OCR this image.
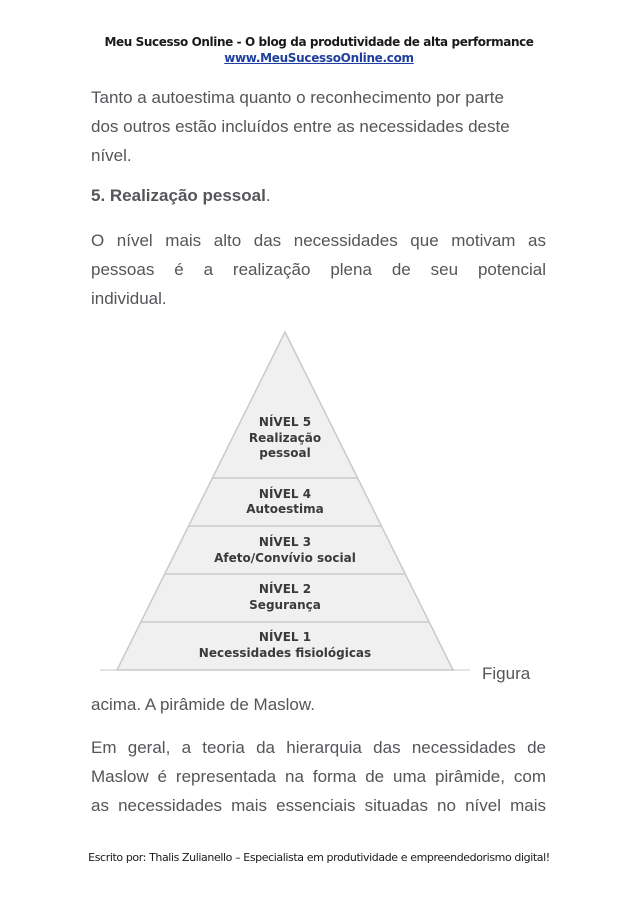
Meu Sucesso Online - O blog da produtividade de alta performance
www.MeuSucessoOnline.com

Tanto a autoestima quanto o reconhecimento por parte
dos outros estão incluídos entre as necessidades deste
nível.

5. Realização pessoal.

O nível mais alto das necessidades que motivam as
pessoas é a realização plena de seu potencial
individual.
NÍVEL 5
Realização
pessoal
NÍVEL 4
Autoestima
NÍVEL 3
Afeto/Convívio social
NÍVEL 2
Segurança
NÍVEL 1
Necessidades fisiológicas

Figura

acima. A pirâmide de Maslow.
Em geral, a teoria da hierarquia das necessidades de
Maslow é representada na forma de uma pirâmide, com
as necessidades mais essenciais situadas no nível mais
Escrito por: Thalis Zulianello – Especialista em produtividade e empreendedorismo digital!
